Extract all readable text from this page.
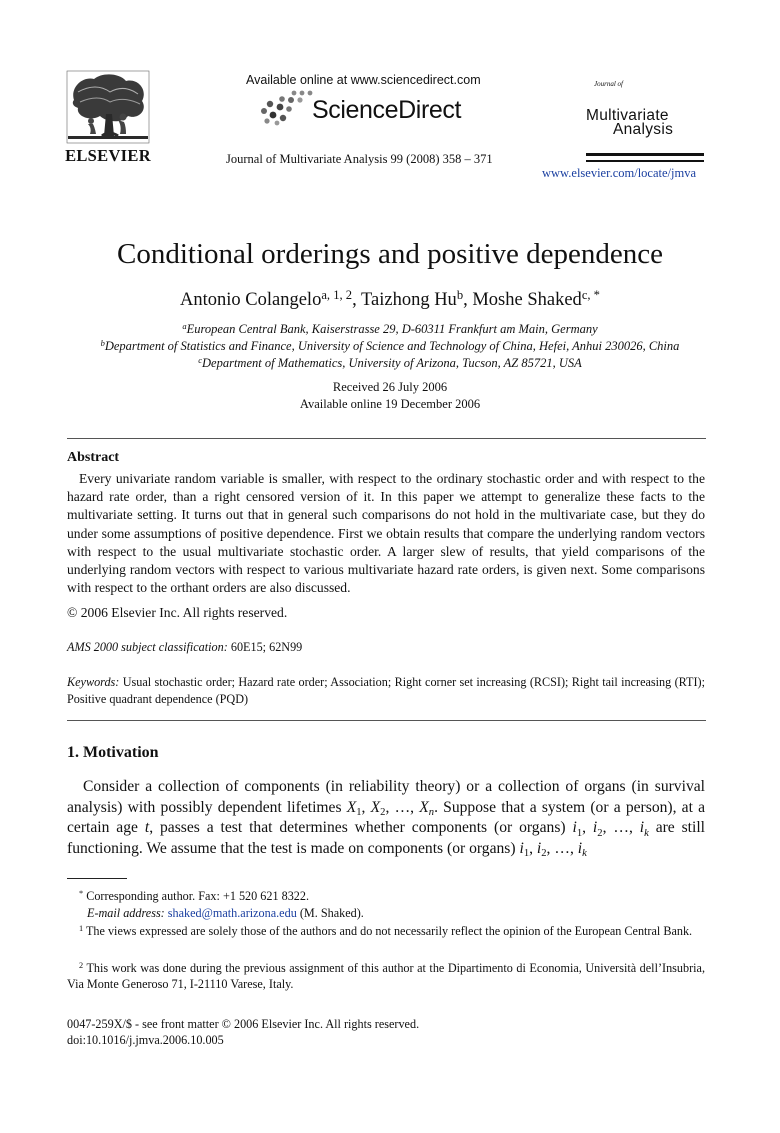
ELSEVIER
Available online at www.sciencedirect.com
ScienceDirect
Journal of Multivariate Analysis 99 (2008) 358 – 371
Journal of
Multivariate
Analysis
www.elsevier.com/locate/jmva
Conditional orderings and positive dependence
Antonio Colangelo$^{a, 1, 2}$, Taizhong Hu$^b$, Moshe Shaked$^{c, *}$
$^a$European Central Bank, Kaiserstrasse 29, D-60311 Frankfurt am Main, Germany
$^b$Department of Statistics and Finance, University of Science and Technology of China, Hefei, Anhui 230026, China
$^c$Department of Mathematics, University of Arizona, Tucson, AZ 85721, USA
Received 26 July 2006
Available online 19 December 2006
Abstract

Every univariate random variable is smaller, with respect to the ordinary stochastic order and with respect to the hazard rate order, than a right censored version of it. In this paper we attempt to generalize these facts to the multivariate setting. It turns out that in general such comparisons do not hold in the multivariate case, but they do under some assumptions of positive dependence. First we obtain results that compare the underlying random vectors with respect to the usual multivariate stochastic order. A larger slew of results, that yield comparisons of the underlying random vectors with respect to various multivariate hazard rate orders, is given next. Some comparisons with respect to the orthant orders are also discussed.

© 2006 Elsevier Inc. All rights reserved.
AMS 2000 subject classification: 60E15; 62N99
Keywords: Usual stochastic order; Hazard rate order; Association; Right corner set increasing (RCSI); Right tail increasing (RTI); Positive quadrant dependence (PQD)
1. Motivation

Consider a collection of components (in reliability theory) or a collection of organs (in survival analysis) with possibly dependent lifetimes $X_1$, $X_2$, …, $X_n$. Suppose that a system (or a person), at a certain age t, passes a test that determines whether components (or organs) $i_1$, $i_2$, …, $i_k$ are still functioning. We assume that the test is made on components (or organs) $i_1$, $i_2$, …, $i_k$

* Corresponding author. Fax: +1 520 621 8322.
E-mail address: shaked@math.arizona.edu (M. Shaked).
$^1$ The views expressed are solely those of the authors and do not necessarily reflect the opinion of the European Central Bank.
$^2$ This work was done during the previous assignment of this author at the Dipartimento di Economia, Università dell’Insubria, Via Monte Generoso 71, I-21110 Varese, Italy.
0047-259X/$ - see front matter © 2006 Elsevier Inc. All rights reserved.
doi:10.1016/j.jmva.2006.10.005
